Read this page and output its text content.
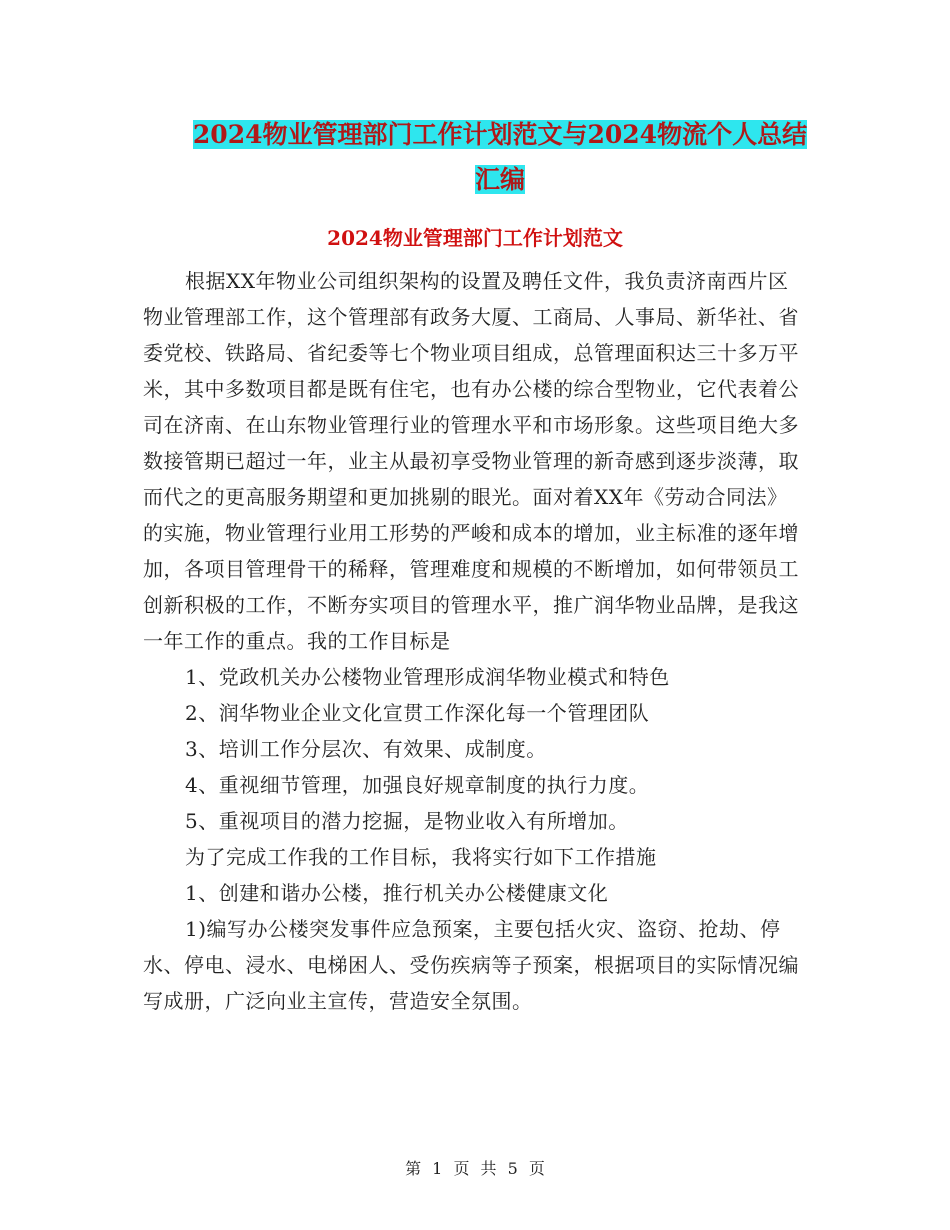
2024物业管理部门工作计划范文与2024物流个人总结
汇编
2024物业管理部门工作计划范文

根据XX年物业公司组织架构的设置及聘任文件，我负责济南西片区物业管理部工作，这个管理部有政务大厦、工商局、人事局、新华社、省委党校、铁路局、省纪委等七个物业项目组成，总管理面积达三十多万平米，其中多数项目都是既有住宅，也有办公楼的综合型物业，它代表着公司在济南、在山东物业管理行业的管理水平和市场形象。这些项目绝大多数接管期已超过一年，业主从最初享受物业管理的新奇感到逐步淡薄，取而代之的更高服务期望和更加挑剔的眼光。面对着XX年《劳动合同法》的实施，物业管理行业用工形势的严峻和成本的增加，业主标准的逐年增加，各项目管理骨干的稀释，管理难度和规模的不断增加，如何带领员工创新积极的工作，不断夯实项目的管理水平，推广润华物业品牌，是我这一年工作的重点。我的工作目标是

1、党政机关办公楼物业管理形成润华物业模式和特色

2、润华物业企业文化宣贯工作深化每一个管理团队

3、培训工作分层次、有效果、成制度。

4、重视细节管理，加强良好规章制度的执行力度。

5、重视项目的潜力挖掘，是物业收入有所增加。

为了完成工作我的工作目标，我将实行如下工作措施

1、创建和谐办公楼，推行机关办公楼健康文化

1)编写办公楼突发事件应急预案，主要包括火灾、盗窃、抢劫、停水、停电、浸水、电梯困人、受伤疾病等子预案，根据项目的实际情况编写成册，广泛向业主宣传，营造安全氛围。

第 1 页 共 5 页
